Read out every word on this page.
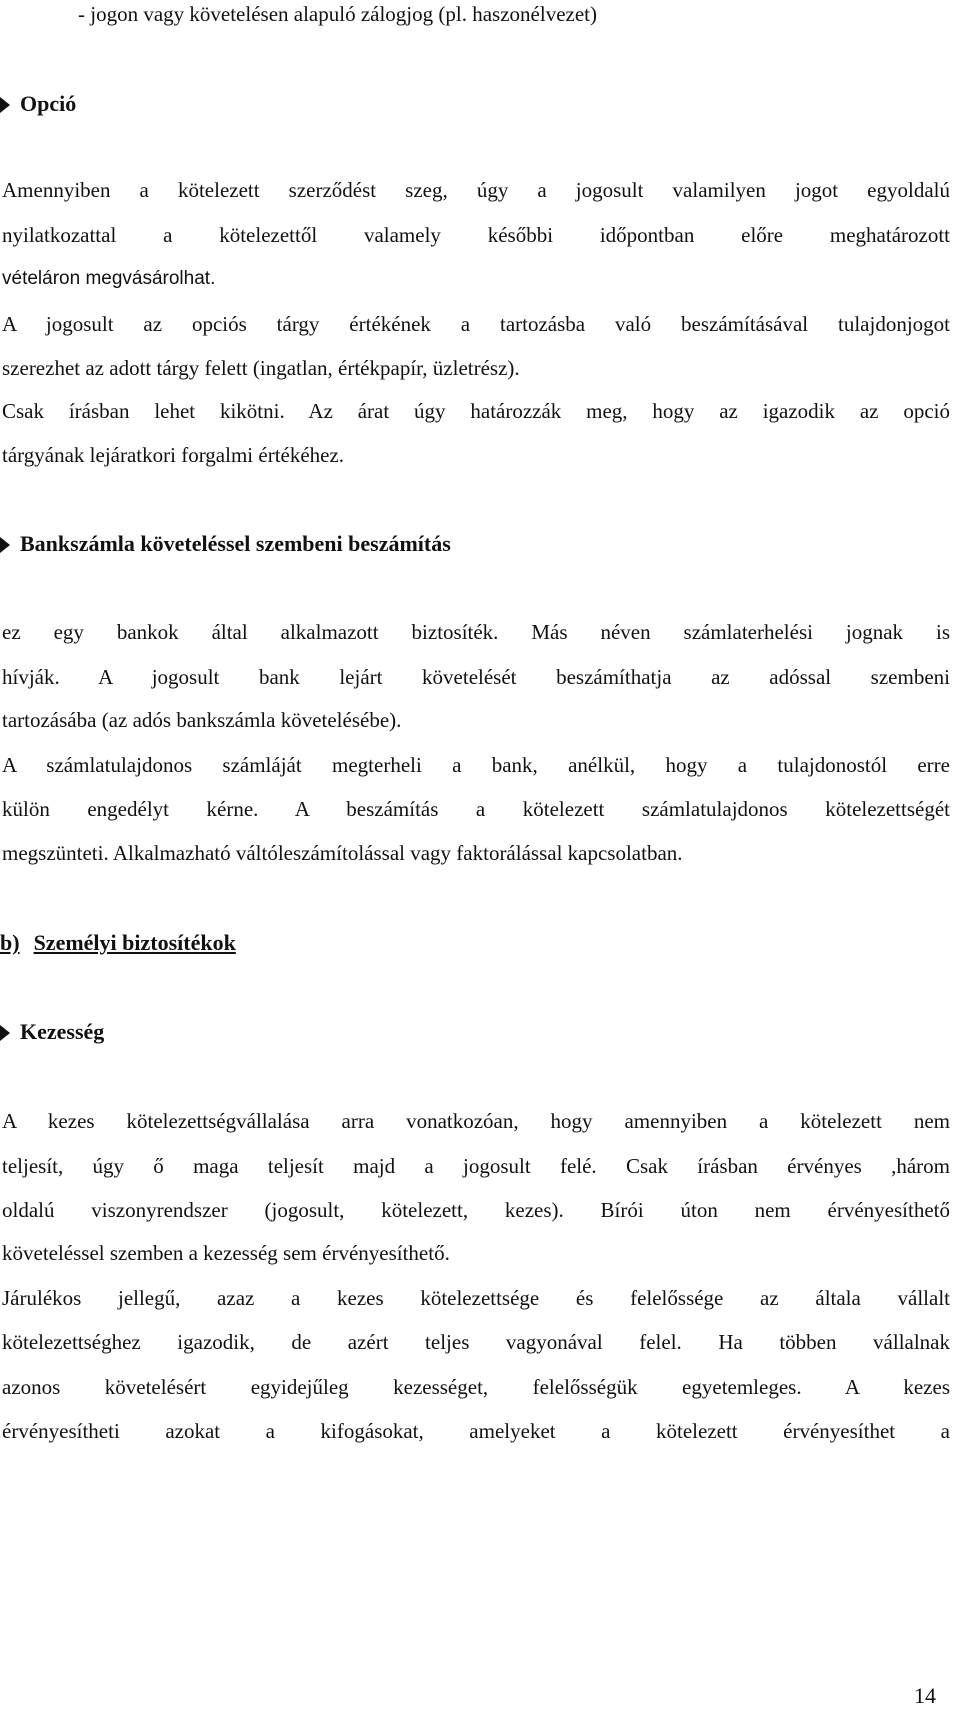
- jogon vagy követelésen alapuló zálogjog (pl. haszonélvezet)
Opció
Amennyiben a kötelezett szerződést szeg, úgy a jogosult valamilyen jogot egyoldalú
nyilatkozattal a kötelezettől valamely későbbi időpontban előre meghatározott
vételáron megvásárolhat.
A jogosult az opciós tárgy értékének a tartozásba való beszámításával tulajdonjogot
szerezhet az adott tárgy felett (ingatlan, értékpapír, üzletrész).
Csak írásban lehet kikötni. Az árat úgy határozzák meg, hogy az igazodik az opció
tárgyának lejáratkori forgalmi értékéhez.
Bankszámla követeléssel szembeni beszámítás
ez egy bankok által alkalmazott biztosíték. Más néven számlaterhelési jognak is
hívják. A jogosult bank lejárt követelését beszámíthatja az adóssal szembeni
tartozásába (az adós bankszámla követelésébe).
A számlatulajdonos számláját megterheli a bank, anélkül, hogy a tulajdonostól erre
külön engedélyt kérne. A beszámítás a kötelezett számlatulajdonos kötelezettségét
megszünteti. Alkalmazható váltóleszámítolással vagy faktorálással kapcsolatban.
b) Személyi biztosítékok
Kezesség
A kezes kötelezettségvállalása arra vonatkozóan, hogy amennyiben a kötelezett nem
teljesít, úgy ő maga teljesít majd a jogosult felé. Csak írásban érvényes ,három
oldalú viszonyrendszer (jogosult, kötelezett, kezes). Bírói úton nem érvényesíthető
követeléssel szemben a kezesség sem érvényesíthető.
Járulékos jellegű, azaz a kezes kötelezettsége és felelőssége az általa vállalt
kötelezettséghez igazodik, de azért teljes vagyonával felel. Ha többen vállalnak
azonos követelésért egyidejűleg kezességet, felelősségük egyetemleges. A kezes
érvényesítheti azokat a kifogásokat, amelyeket a kötelezett érvényesíthet a
14
